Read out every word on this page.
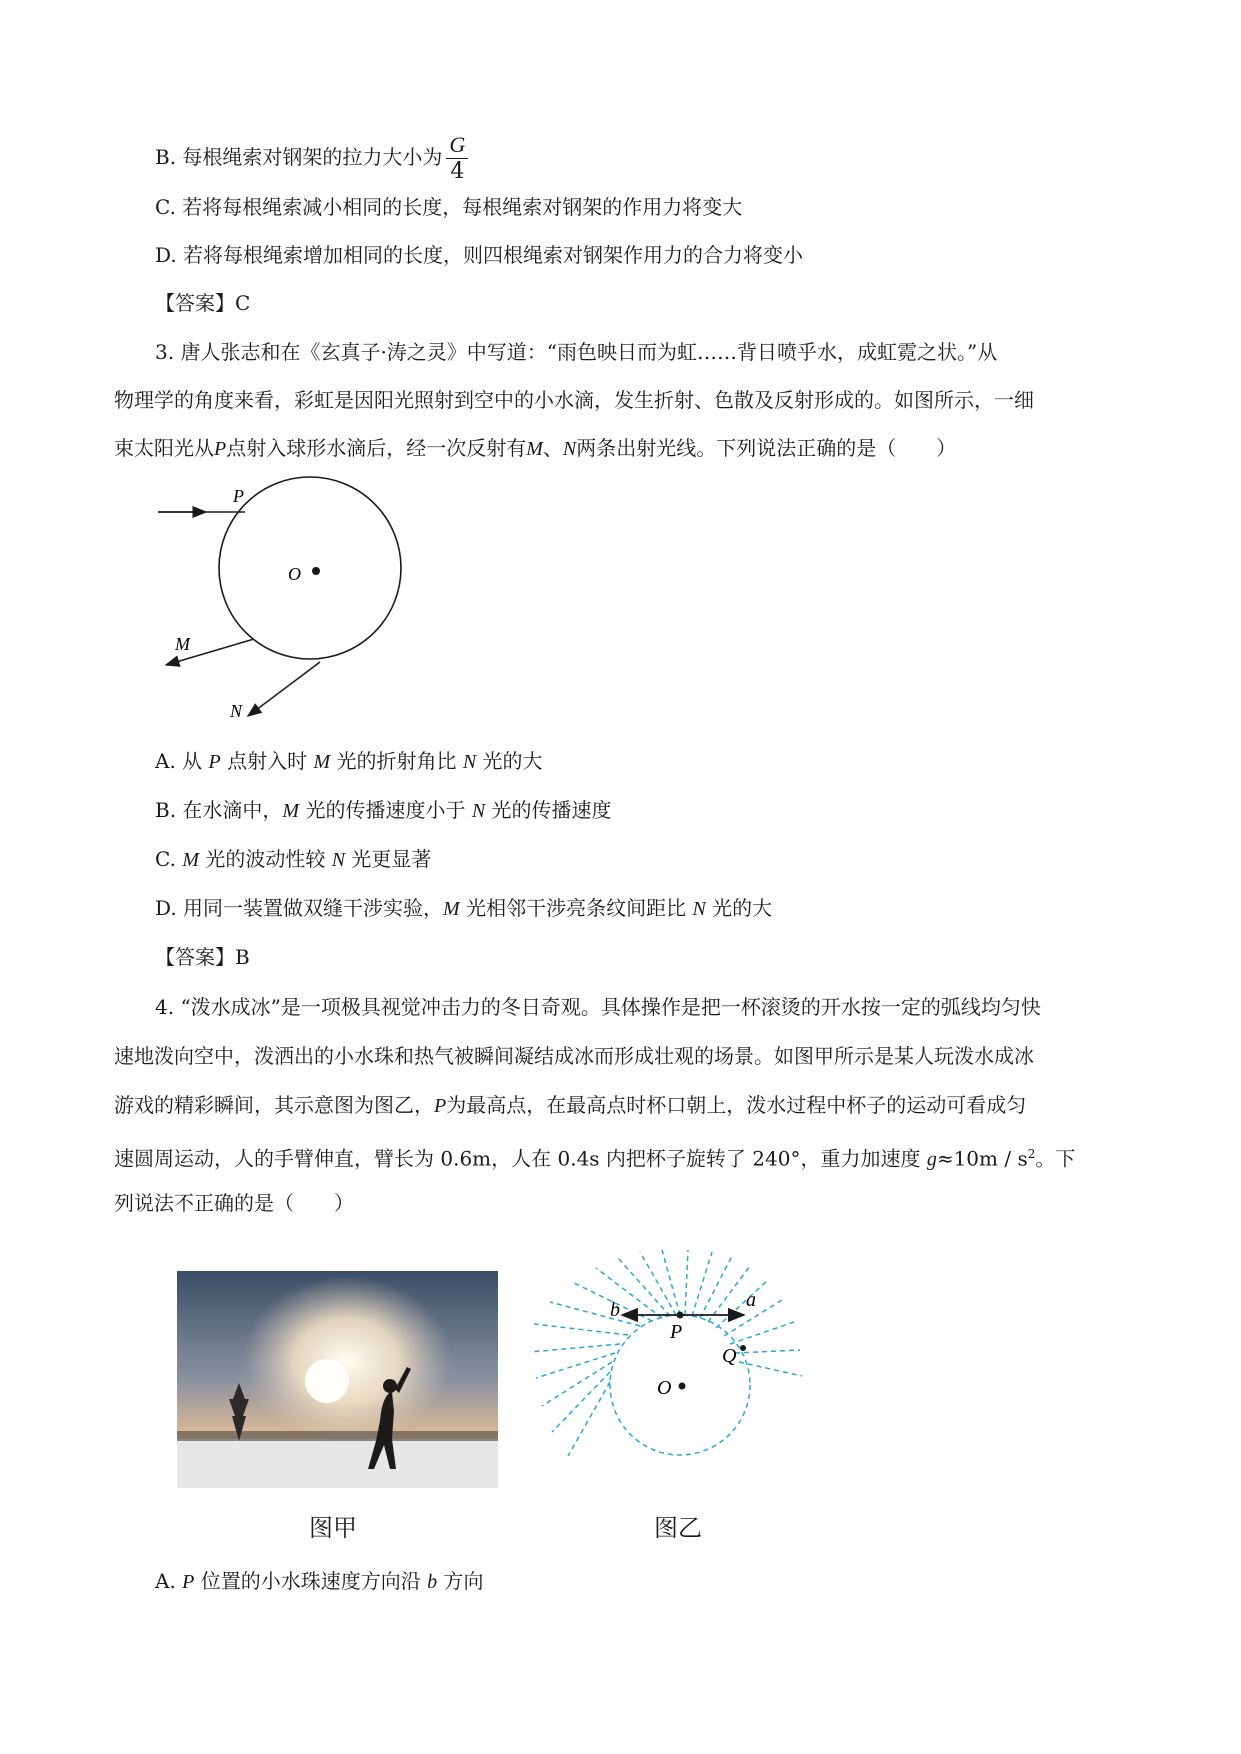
B. 每根绳索对钢架的拉力大小为 $\frac{G}{4}$
C. 若将每根绳索减小相同的长度，每根绳索对钢架的作用力将变大
D. 若将每根绳索增加相同的长度，则四根绳索对钢架作用力的合力将变小
【答案】C
3. 唐人张志和在《玄真子·涛之灵》中写道：“雨色映日而为虹……背日喷乎水，成虹霓之状。”从
物理学的角度来看，彩虹是因阳光照射到空中的小水滴，发生折射、色散及反射形成的。如图所示，一细
束太阳光从P点射入球形水滴后，经一次反射有M、N两条出射光线。下列说法正确的是（　　）
P
O
M
N
A. 从 P 点射入时 M 光的折射角比 N 光的大
B. 在水滴中，M 光的传播速度小于 N 光的传播速度
C. M 光的波动性较 N 光更显著
D. 用同一装置做双缝干涉实验，M 光相邻干涉亮条纹间距比 N 光的大
【答案】B
4. “泼水成冰”是一项极具视觉冲击力的冬日奇观。具体操作是把一杯滚烫的开水按一定的弧线均匀快
速地泼向空中，泼洒出的小水珠和热气被瞬间凝结成冰而形成壮观的场景。如图甲所示是某人玩泼水成冰
游戏的精彩瞬间，其示意图为图乙，P为最高点，在最高点时杯口朝上，泼水过程中杯子的运动可看成匀
速圆周运动，人的手臂伸直，臂长为 0.6m，人在 0.4s 内把杯子旋转了 240°，重力加速度 $g\approx 10m / s^2$。下
列说法不正确的是（　　）
b	a
P
Q
O
图甲	图乙
A. P 位置的小水珠速度方向沿 b 方向
